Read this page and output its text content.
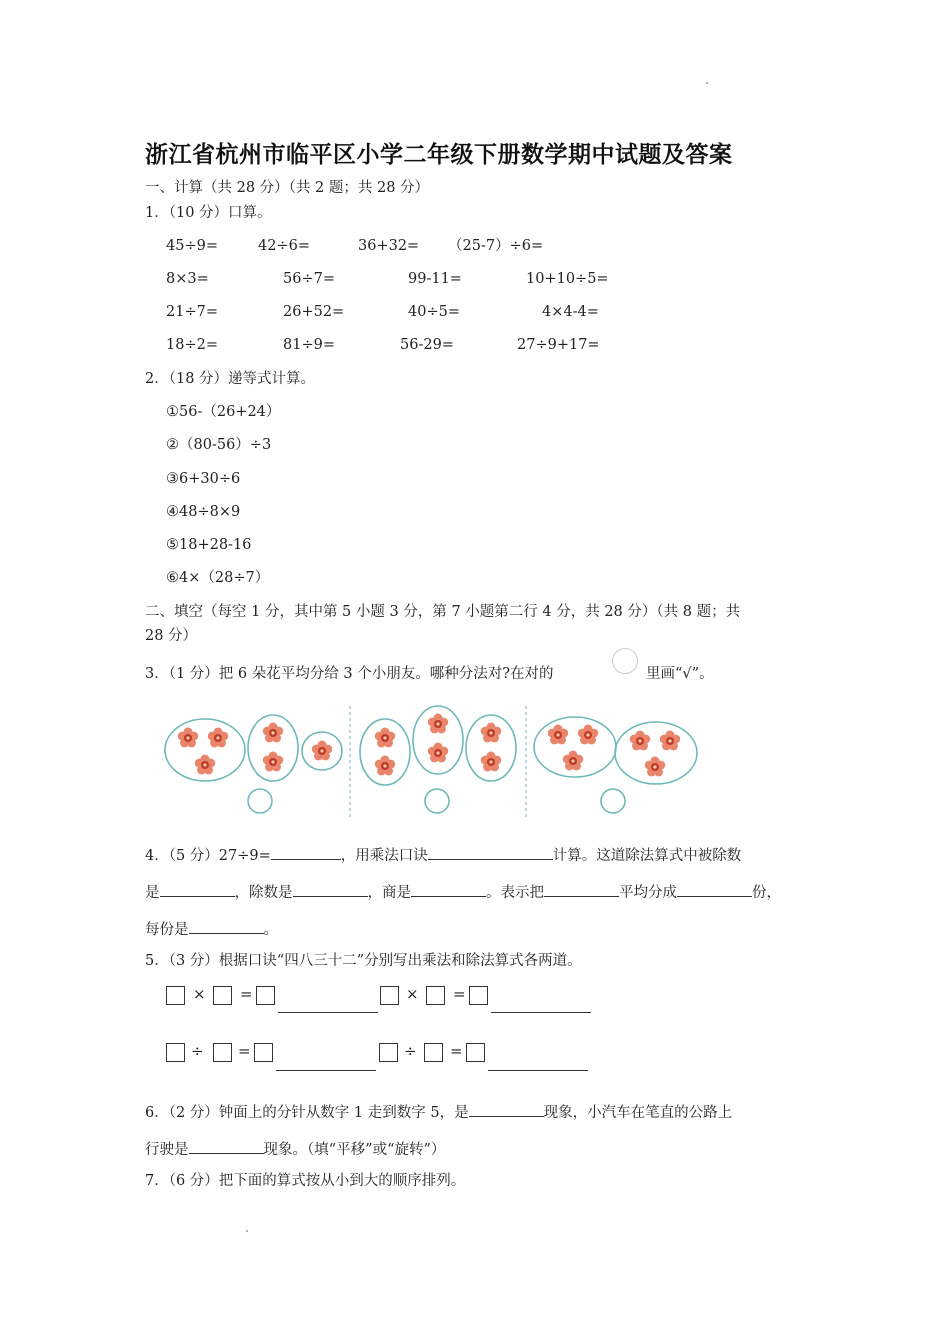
浙江省杭州市临平区小学二年级下册数学期中试题及答案
一、计算（共 28 分）（共 2 题；共 28 分）
1．（10 分）口算。
45÷9=	42÷6=	36+32= （25-7）÷6=
8×3=	56÷7=	99-11=	10+10÷5=
21÷7=	26+52=	40÷5=	4×4-4=
18÷2=	81÷9=	56-29=	27÷9+17=
2．（18 分）递等式计算。
①56-（26+24）
②（80-56）÷3
③6+30÷6
④48÷8×9
⑤18+28-16
⑥4×（28÷7）
二、填空（每空 1 分，其中第 5 小题 3 分，第 7 小题第二行 4 分，共 28 分）（共 8 题；共
28 分）
3．（1 分）把 6 朵花平均分给 3 个小朋友。哪种分法对?在对的	里画“√”。
4．（5 分）27÷9=	，用乘法口诀	计算。这道除法算式中被除数
是	，除数是	，商是	。表示把	平均分成	份，
每份是	。
5．（3 分）根据口诀“四八三十二”分别写出乘法和除法算式各两道。
× =	× =
÷ =	÷ =
6．（2 分）钟面上的分针从数字 1 走到数字 5，是	现象，小汽车在笔直的公路上
行驶是	现象。（填“平移”或“旋转”）
7．（6 分）把下面的算式按从小到大的顺序排列。
